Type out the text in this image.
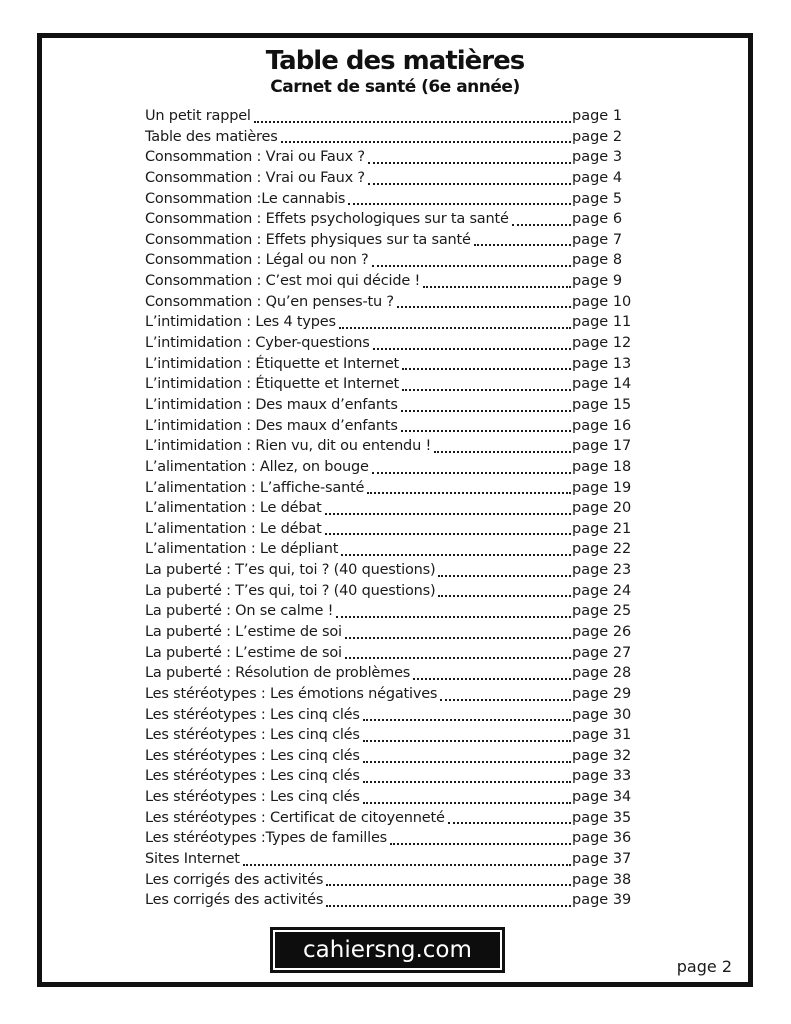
Table des matières
Carnet de santé (6e année)
Un petit rappel	page 1
Table des matières	page 2
Consommation : Vrai ou Faux ?	page 3
Consommation : Vrai ou Faux ?	page 4
Consommation :Le cannabis	page 5
Consommation : Effets psychologiques sur ta santé	page 6
Consommation : Effets physiques sur ta santé	page 7
Consommation : Légal ou non ?	page 8
Consommation : C’est moi qui décide !	page 9
Consommation : Qu’en penses-tu ?	page 10
L’intimidation : Les 4 types	page 11
L’intimidation : Cyber-questions	page 12
L’intimidation : Étiquette et Internet	page 13
L’intimidation : Étiquette et Internet	page 14
L’intimidation : Des maux d’enfants	page 15
L’intimidation : Des maux d’enfants	page 16
L’intimidation : Rien vu, dit ou entendu !	page 17
L’alimentation : Allez, on bouge	page 18
L’alimentation : L’affiche-santé	page 19
L’alimentation : Le débat	page 20
L’alimentation : Le débat	page 21
L’alimentation : Le dépliant	page 22
La puberté : T’es qui, toi ? (40 questions)	page 23
La puberté : T’es qui, toi ? (40 questions)	page 24
La puberté : On se calme !	page 25
La puberté : L’estime de soi	page 26
La puberté : L’estime de soi	page 27
La puberté : Résolution de problèmes	page 28
Les stéréotypes : Les émotions négatives	page 29
Les stéréotypes : Les cinq clés	page 30
Les stéréotypes : Les cinq clés	page 31
Les stéréotypes : Les cinq clés	page 32
Les stéréotypes : Les cinq clés	page 33
Les stéréotypes : Les cinq clés	page 34
Les stéréotypes : Certificat de citoyenneté	page 35
Les stéréotypes :Types de familles	page 36
Sites Internet	page 37
Les corrigés des activités	page 38
Les corrigés des activités	page 39
cahiersng.com
page 2
